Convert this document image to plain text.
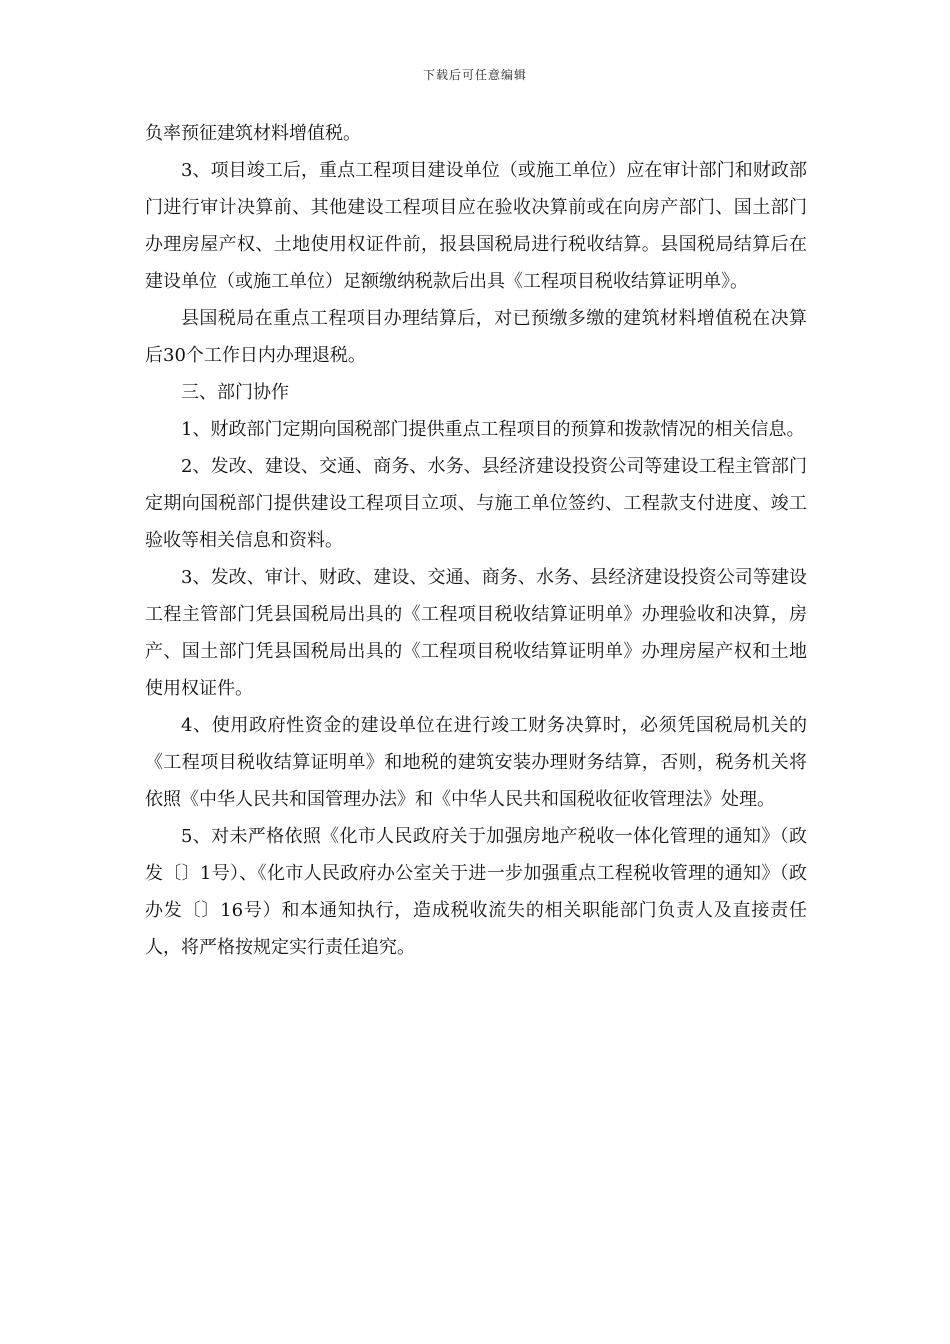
下载后可任意编辑

负率预征建筑材料增值税。

3、项目竣工后，重点工程项目建设单位（或施工单位）应在审计部门和财政部门进行审计决算前、其他建设工程项目应在验收决算前或在向房产部门、国土部门办理房屋产权、土地使用权证件前，报县国税局进行税收结算。县国税局结算后在建设单位（或施工单位）足额缴纳税款后出具《工程项目税收结算证明单》。

县国税局在重点工程项目办理结算后，对已预缴多缴的建筑材料增值税在决算后30个工作日内办理退税。

三、部门协作

1、财政部门定期向国税部门提供重点工程项目的预算和拨款情况的相关信息。

2、发改、建设、交通、商务、水务、县经济建设投资公司等建设工程主管部门定期向国税部门提供建设工程项目立项、与施工单位签约、工程款支付进度、竣工验收等相关信息和资料。

3、发改、审计、财政、建设、交通、商务、水务、县经济建设投资公司等建设工程主管部门凭县国税局出具的《工程项目税收结算证明单》办理验收和决算，房产、国土部门凭县国税局出具的《工程项目税收结算证明单》办理房屋产权和土地使用权证件。

4、使用政府性资金的建设单位在进行竣工财务决算时，必须凭国税局机关的《工程项目税收结算证明单》和地税的建筑安装办理财务结算，否则，税务机关将依照《中华人民共和国管理办法》和《中华人民共和国税收征收管理法》处理。

5、对未严格依照《化市人民政府关于加强房地产税收一体化管理的通知》（政发〔〕1号）、《化市人民政府办公室关于进一步加强重点工程税收管理的通知》（政办发〔〕16号）和本通知执行，造成税收流失的相关职能部门负责人及直接责任人，将严格按规定实行责任追究。
